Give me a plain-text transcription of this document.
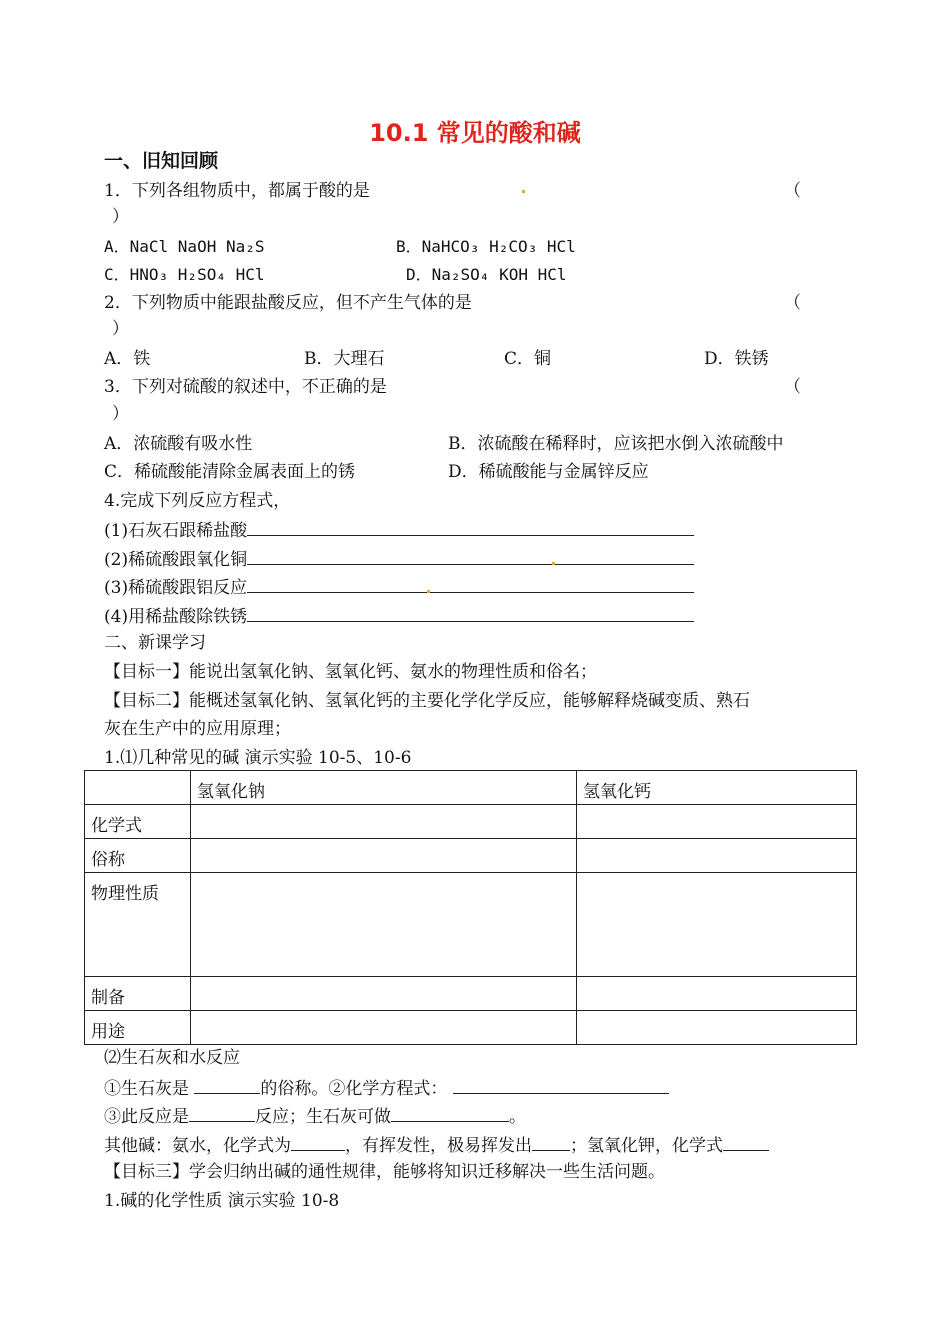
10.1 常见的酸和碱
一、旧知回顾
1．下列各组物质中，都属于酸的是	（
）
A．NaCl NaOH Na₂S	B．NaHCO₃ H₂CO₃ HCl
C．HNO₃ H₂SO₄ HCl	D．Na₂SO₄ KOH HCl
2．下列物质中能跟盐酸反应，但不产生气体的是	（
）
A．铁	B．大理石	C．铜	D．铁锈
3．下列对硫酸的叙述中，不正确的是	（
）
A．浓硫酸有吸水性	B．浓硫酸在稀释时，应该把水倒入浓硫酸中
C．稀硫酸能清除金属表面上的锈	D．稀硫酸能与金属锌反应
4.完成下列反应方程式，
(1)石灰石跟稀盐酸
(2)稀硫酸跟氧化铜
(3)稀硫酸跟铝反应
(4)用稀盐酸除铁锈
二、新课学习
【目标一】能说出氢氧化钠、氢氧化钙、氨水的物理性质和俗名；
【目标二】能概述氢氧化钠、氢氧化钙的主要化学化学反应，能够解释烧碱变质、熟石
灰在生产中的应用原理；
1.⑴几种常见的碱 演示实验 10-5、10-6
	氢氧化钠	氢氧化钙
化学式		
俗称		
物理性质		
制备		
用途		
⑵生石灰和水反应
①生石灰是	的俗称。②化学方程式：
③此反应是	反应；生石灰可做	。
其他碱：氨水，化学式为	，有挥发性，极易挥发出 ；氢氧化钾，化学式
【目标三】学会归纳出碱的通性规律，能够将知识迁移解决一些生活问题。
1.碱的化学性质 演示实验 10-8
